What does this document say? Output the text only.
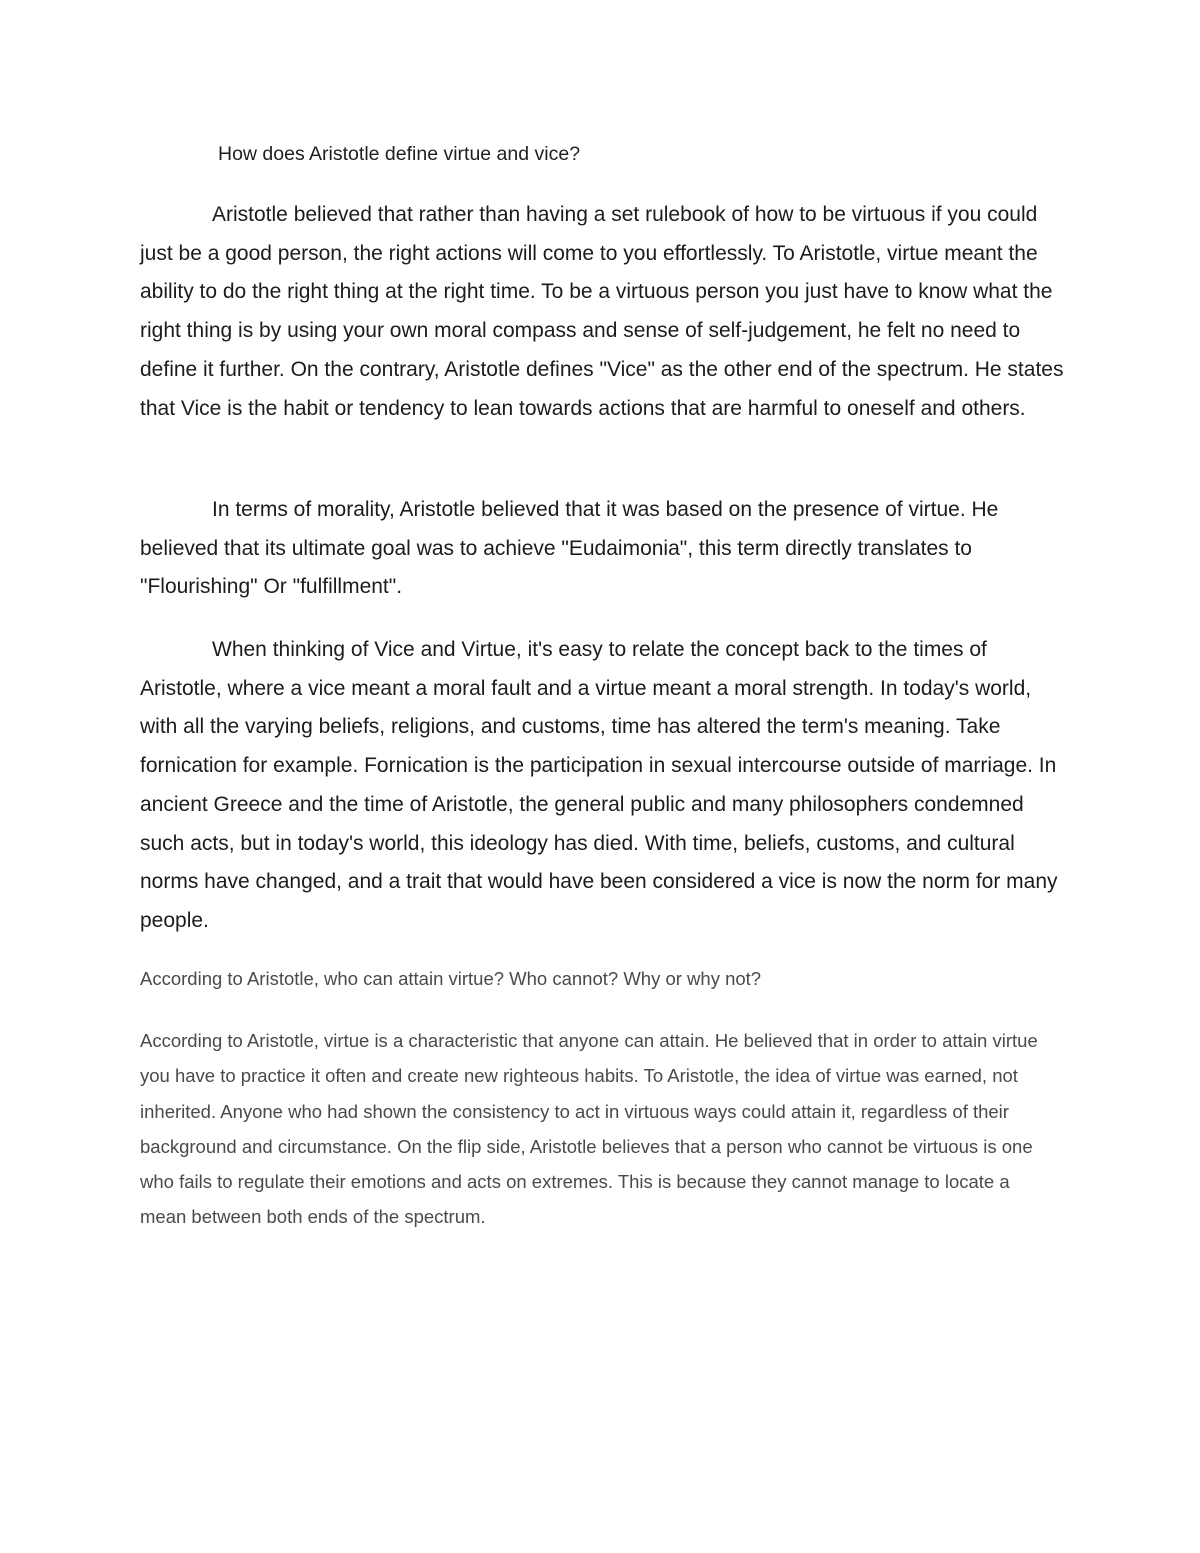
How does Aristotle define virtue and vice?

Aristotle believed that rather than having a set rulebook of how to be virtuous if you could just be a good person, the right actions will come to you effortlessly. To Aristotle, virtue meant the ability to do the right thing at the right time. To be a virtuous person you just have to know what the right thing is by using your own moral compass and sense of self-judgement, he felt no need to define it further. On the contrary, Aristotle defines "Vice" as the other end of the spectrum. He states that Vice is the habit or tendency to lean towards actions that are harmful to oneself and others.

In terms of morality, Aristotle believed that it was based on the presence of virtue. He believed that its ultimate goal was to achieve "Eudaimonia", this term directly translates to "Flourishing" Or "fulfillment".

When thinking of Vice and Virtue, it's easy to relate the concept back to the times of Aristotle, where a vice meant a moral fault and a virtue meant a moral strength. In today's world, with all the varying beliefs, religions, and customs, time has altered the term's meaning. Take fornication for example. Fornication is the participation in sexual intercourse outside of marriage. In ancient Greece and the time of Aristotle, the general public and many philosophers condemned such acts, but in today's world, this ideology has died. With time, beliefs, customs, and cultural norms have changed, and a trait that would have been considered a vice is now the norm for many people.

According to Aristotle, who can attain virtue? Who cannot? Why or why not?

According to Aristotle, virtue is a characteristic that anyone can attain. He believed that in order to attain virtue you have to practice it often and create new righteous habits. To Aristotle, the idea of virtue was earned, not inherited. Anyone who had shown the consistency to act in virtuous ways could attain it, regardless of their background and circumstance. On the flip side, Aristotle believes that a person who cannot be virtuous is one who fails to regulate their emotions and acts on extremes. This is because they cannot manage to locate a mean between both ends of the spectrum.
